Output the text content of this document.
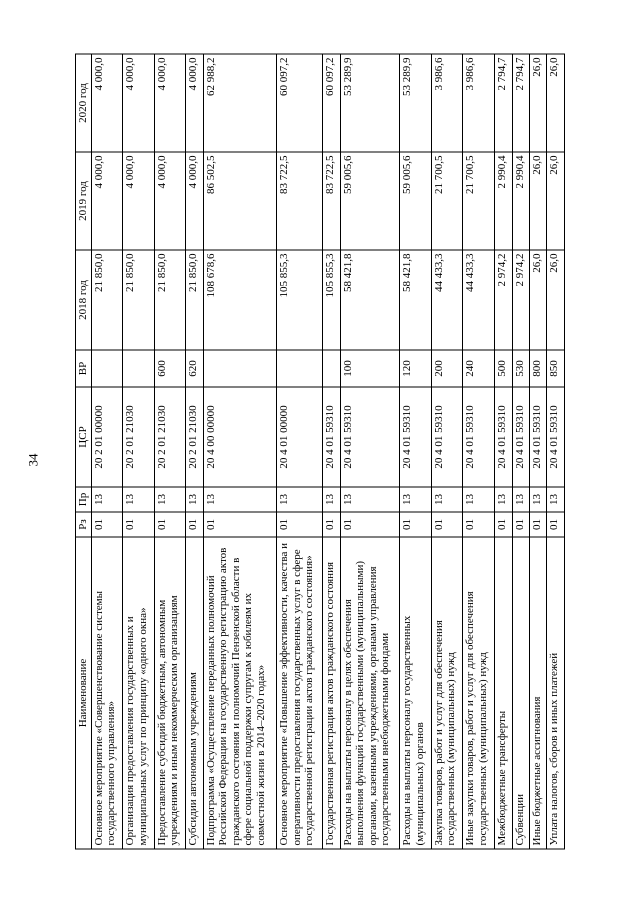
34
Наименование	Рз	Пр	ЦСР	ВР	2018 год	2019 год	2020 год
Основное мероприятие «Совершенствование системы государственного управления»	01	13	20 2 01 00000		21 850,0	4 000,0	4 000,0
Организация предоставления государственных и муниципальных услуг по принципу «одного окна»	01	13	20 2 01 21030		21 850,0	4 000,0	4 000,0
Предоставление субсидий бюджетным, автономным учреждениям и иным некоммерческим организациям	01	13	20 2 01 21030	600	21 850,0	4 000,0	4 000,0
Субсидии автономным учреждениям	01	13	20 2 01 21030	620	21 850,0	4 000,0	4 000,0
Подпрограмма «Осуществление переданных полномочий Российской Федерации на государственную регистрацию актов гражданского состояния и полномочий Пензенской области в сфере социальной поддержки супругам к юбилеям их совместной жизни в 2014–2020 годах»	01	13	20 4 00 00000		108 678,6	86 502,5	62 988,2
Основное мероприятие «Повышение эффективности, качества и оперативности предоставления государственных услуг в сфере государственной регистрации актов гражданского состояния»	01	13	20 4 01 00000		105 855,3	83 722,5	60 097,2
Государственная регистрация актов гражданского состояния	01	13	20 4 01 59310		105 855,3	83 722,5	60 097,2
Расходы на выплаты персоналу в целях обеспечения выполнения функций государственными (муниципальными) органами, казенными учреждениями, органами управления государственными внебюджетными фондами	01	13	20 4 01 59310	100	58 421,8	59 005,6	53 289,9
Расходы на выплаты персоналу государственных (муниципальных) органов	01	13	20 4 01 59310	120	58 421,8	59 005,6	53 289,9
Закупка товаров, работ и услуг для обеспечения государственных (муниципальных) нужд	01	13	20 4 01 59310	200	44 433,3	21 700,5	3 986,6
Иные закупки товаров, работ и услуг для обеспечения государственных (муниципальных) нужд	01	13	20 4 01 59310	240	44 433,3	21 700,5	3 986,6
Межбюджетные трансферты	01	13	20 4 01 59310	500	2 974,2	2 990,4	2 794,7
Субвенции	01	13	20 4 01 59310	530	2 974,2	2 990,4	2 794,7
Иные бюджетные ассигнования	01	13	20 4 01 59310	800	26,0	26,0	26,0
Уплата налогов, сборов и иных платежей	01	13	20 4 01 59310	850	26,0	26,0	26,0
